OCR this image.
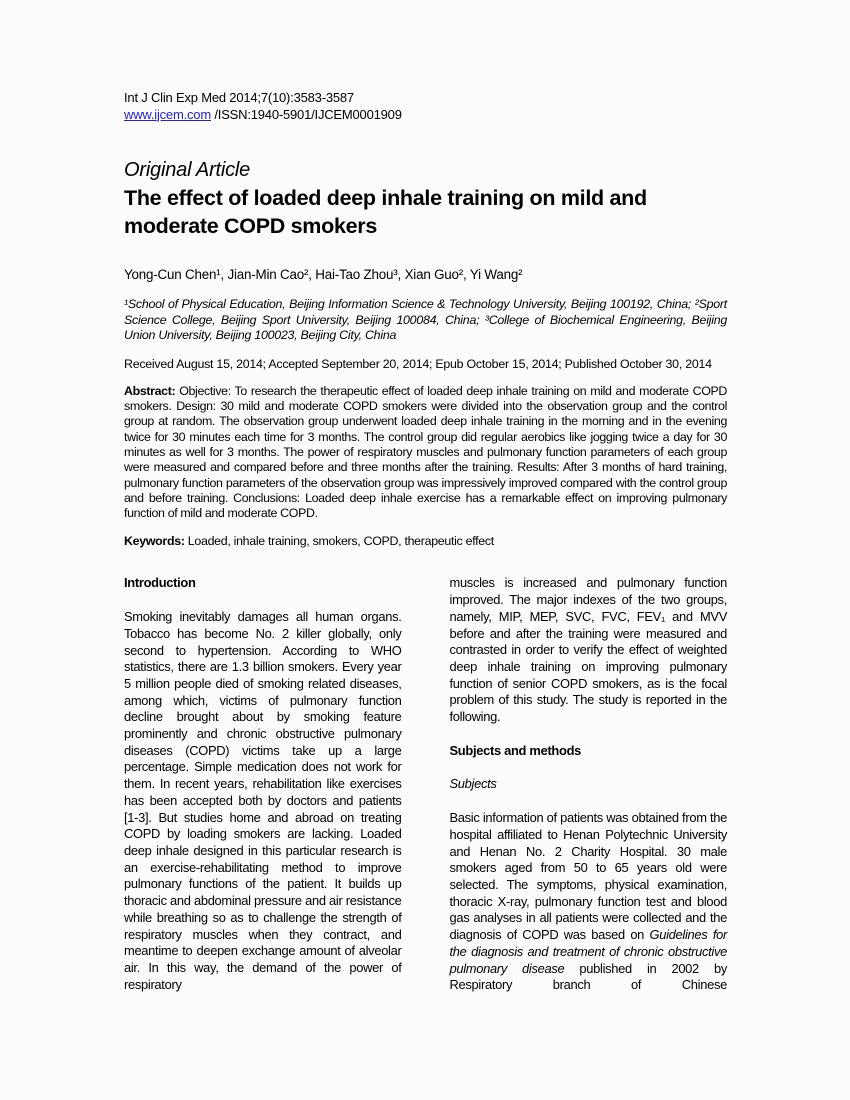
Int J Clin Exp Med 2014;7(10):3583-3587
www.ijcem.com /ISSN:1940-5901/IJCEM0001909
Original Article
The effect of loaded deep inhale training on mild and moderate COPD smokers
Yong-Cun Chen¹, Jian-Min Cao², Hai-Tao Zhou³, Xian Guo², Yi Wang²
¹School of Physical Education, Beijing Information Science & Technology University, Beijing 100192, China; ²Sport Science College, Beijing Sport University, Beijing 100084, China; ³College of Biochemical Engineering, Beijing Union University, Beijing 100023, Beijing City, China
Received August 15, 2014; Accepted September 20, 2014; Epub October 15, 2014; Published October 30, 2014

Abstract: Objective: To research the therapeutic effect of loaded deep inhale training on mild and moderate COPD smokers. Design: 30 mild and moderate COPD smokers were divided into the observation group and the control group at random. The observation group underwent loaded deep inhale training in the morning and in the evening twice for 30 minutes each time for 3 months. The control group did regular aerobics like jogging twice a day for 30 minutes as well for 3 months. The power of respiratory muscles and pulmonary function parameters of each group were measured and compared before and three months after the training. Results: After 3 months of hard training, pulmonary function parameters of the observation group was impressively improved compared with the control group and before training. Conclusions: Loaded deep inhale exercise has a remarkable effect on improving pulmonary function of mild and moderate COPD.

Keywords: Loaded, inhale training, smokers, COPD, therapeutic effect

Introduction

Smoking inevitably damages all human organs. Tobacco has become No. 2 killer globally, only second to hypertension. According to WHO statistics, there are 1.3 billion smokers. Every year 5 million people died of smoking related diseases, among which, victims of pulmonary function decline brought about by smoking feature prominently and chronic obstructive pulmonary diseases (COPD) victims take up a large percentage. Simple medication does not work for them. In recent years, rehabilitation like exercises has been accepted both by doctors and patients [1-3]. But studies home and abroad on treating COPD by loading smokers are lacking. Loaded deep inhale designed in this particular research is an exercise-rehabilitating method to improve pulmonary functions of the patient. It builds up thoracic and abdominal pressure and air resistance while breathing so as to challenge the strength of respiratory muscles when they contract, and meantime to deepen exchange amount of alveolar air. In this way, the demand of the power of respiratory

muscles is increased and pulmonary function improved. The major indexes of the two groups, namely, MIP, MEP, SVC, FVC, FEV₁ and MVV before and after the training were measured and contrasted in order to verify the effect of weighted deep inhale training on improving pulmonary function of senior COPD smokers, as is the focal problem of this study. The study is reported in the following.

Subjects and methods
Subjects

Basic information of patients was obtained from the hospital affiliated to Henan Polytechnic University and Henan No. 2 Charity Hospital. 30 male smokers aged from 50 to 65 years old were selected. The symptoms, physical examination, thoracic X-ray, pulmonary function test and blood gas analyses in all patients were collected and the diagnosis of COPD was based on Guidelines for the diagnosis and treatment of chronic obstructive pulmonary disease published in 2002 by Respiratory branch of Chinese
